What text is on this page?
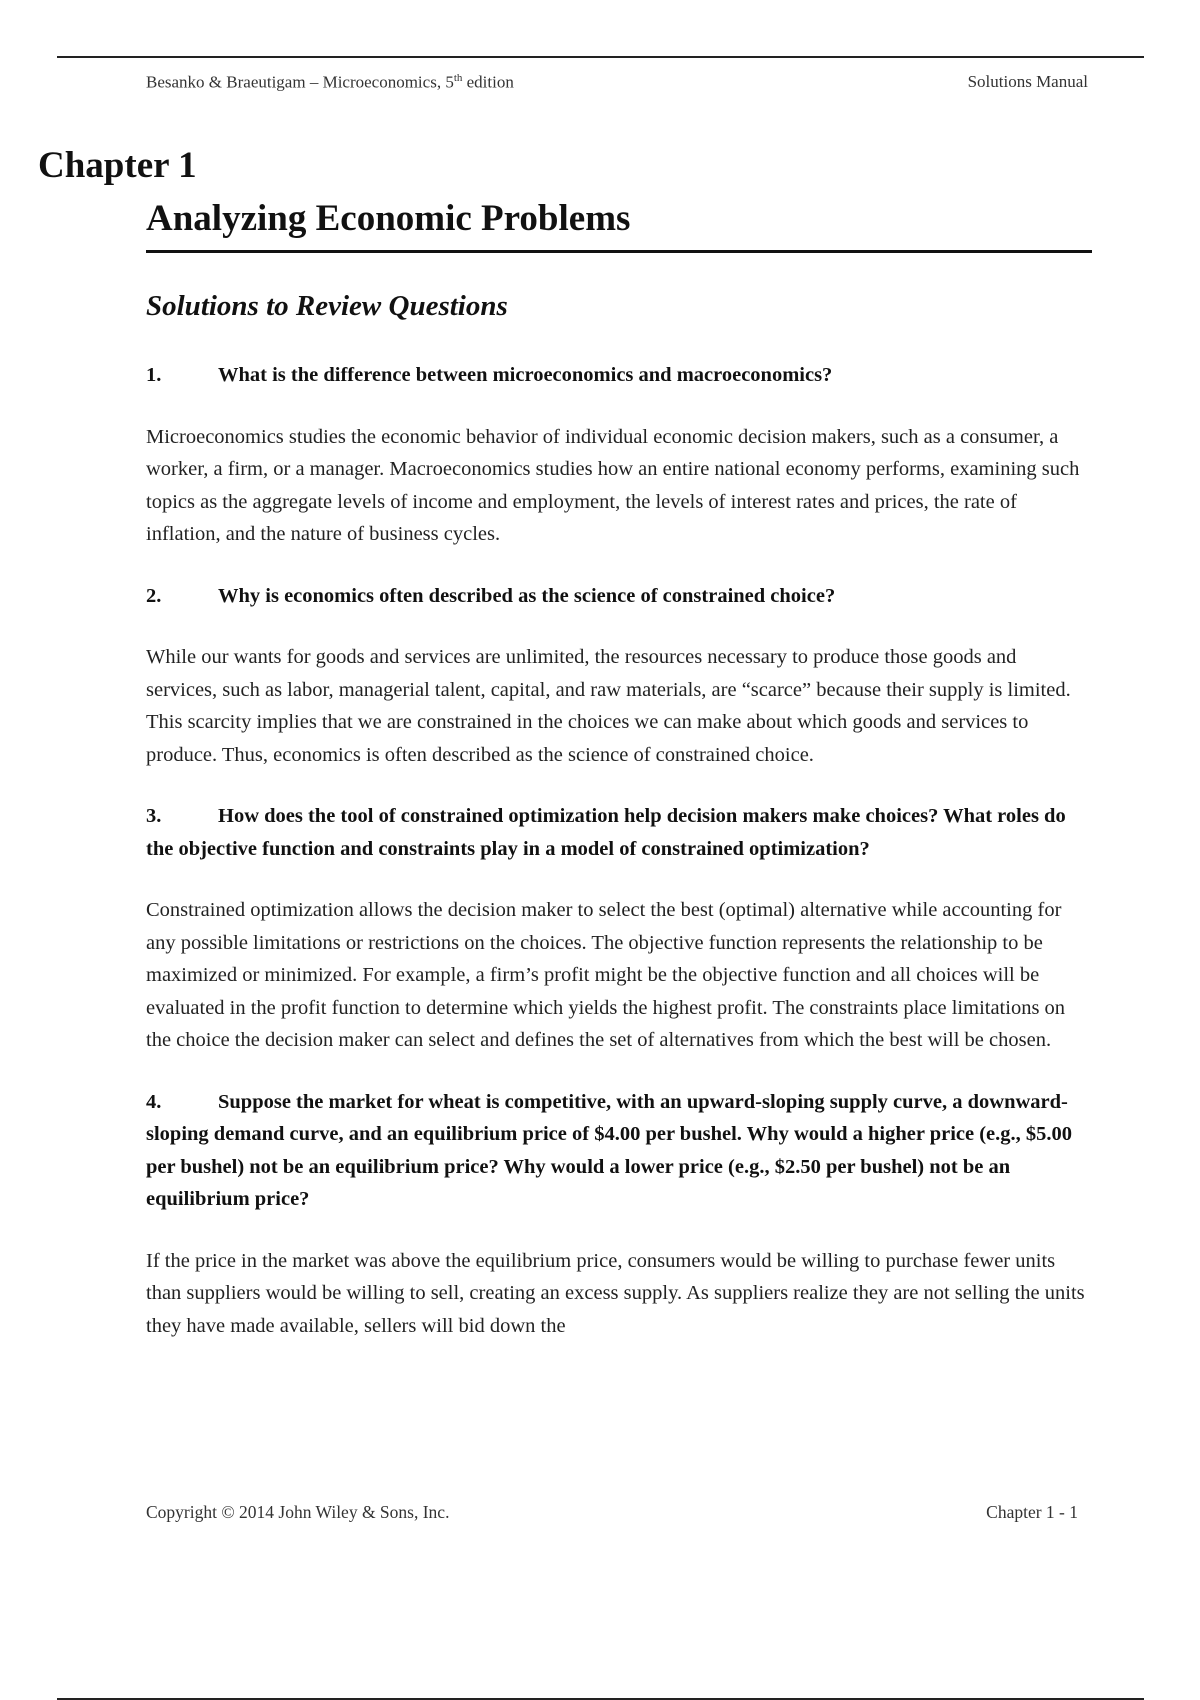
Besanko & Braeutigam – Microeconomics, 5th edition	Solutions Manual
Chapter 1
Analyzing Economic Problems
Solutions to Review Questions

1.	What is the difference between microeconomics and macroeconomics?

Microeconomics studies the economic behavior of individual economic decision makers, such as a consumer, a worker, a firm, or a manager. Macroeconomics studies how an entire national economy performs, examining such topics as the aggregate levels of income and employment, the levels of interest rates and prices, the rate of inflation, and the nature of business cycles.

2.	Why is economics often described as the science of constrained choice?

While our wants for goods and services are unlimited, the resources necessary to produce those goods and services, such as labor, managerial talent, capital, and raw materials, are “scarce” because their supply is limited. This scarcity implies that we are constrained in the choices we can make about which goods and services to produce. Thus, economics is often described as the science of constrained choice.

3.	How does the tool of constrained optimization help decision makers make choices? What roles do the objective function and constraints play in a model of constrained optimization?

Constrained optimization allows the decision maker to select the best (optimal) alternative while accounting for any possible limitations or restrictions on the choices. The objective function represents the relationship to be maximized or minimized. For example, a firm’s profit might be the objective function and all choices will be evaluated in the profit function to determine which yields the highest profit. The constraints place limitations on the choice the decision maker can select and defines the set of alternatives from which the best will be chosen.

4.	Suppose the market for wheat is competitive, with an upward-sloping supply curve, a downward-sloping demand curve, and an equilibrium price of $4.00 per bushel. Why would a higher price (e.g., $5.00 per bushel) not be an equilibrium price? Why would a lower price (e.g., $2.50 per bushel) not be an equilibrium price?

If the price in the market was above the equilibrium price, consumers would be willing to purchase fewer units than suppliers would be willing to sell, creating an excess supply. As suppliers realize they are not selling the units they have made available, sellers will bid down the

Copyright © 2014 John Wiley & Sons, Inc.	Chapter 1 - 1
